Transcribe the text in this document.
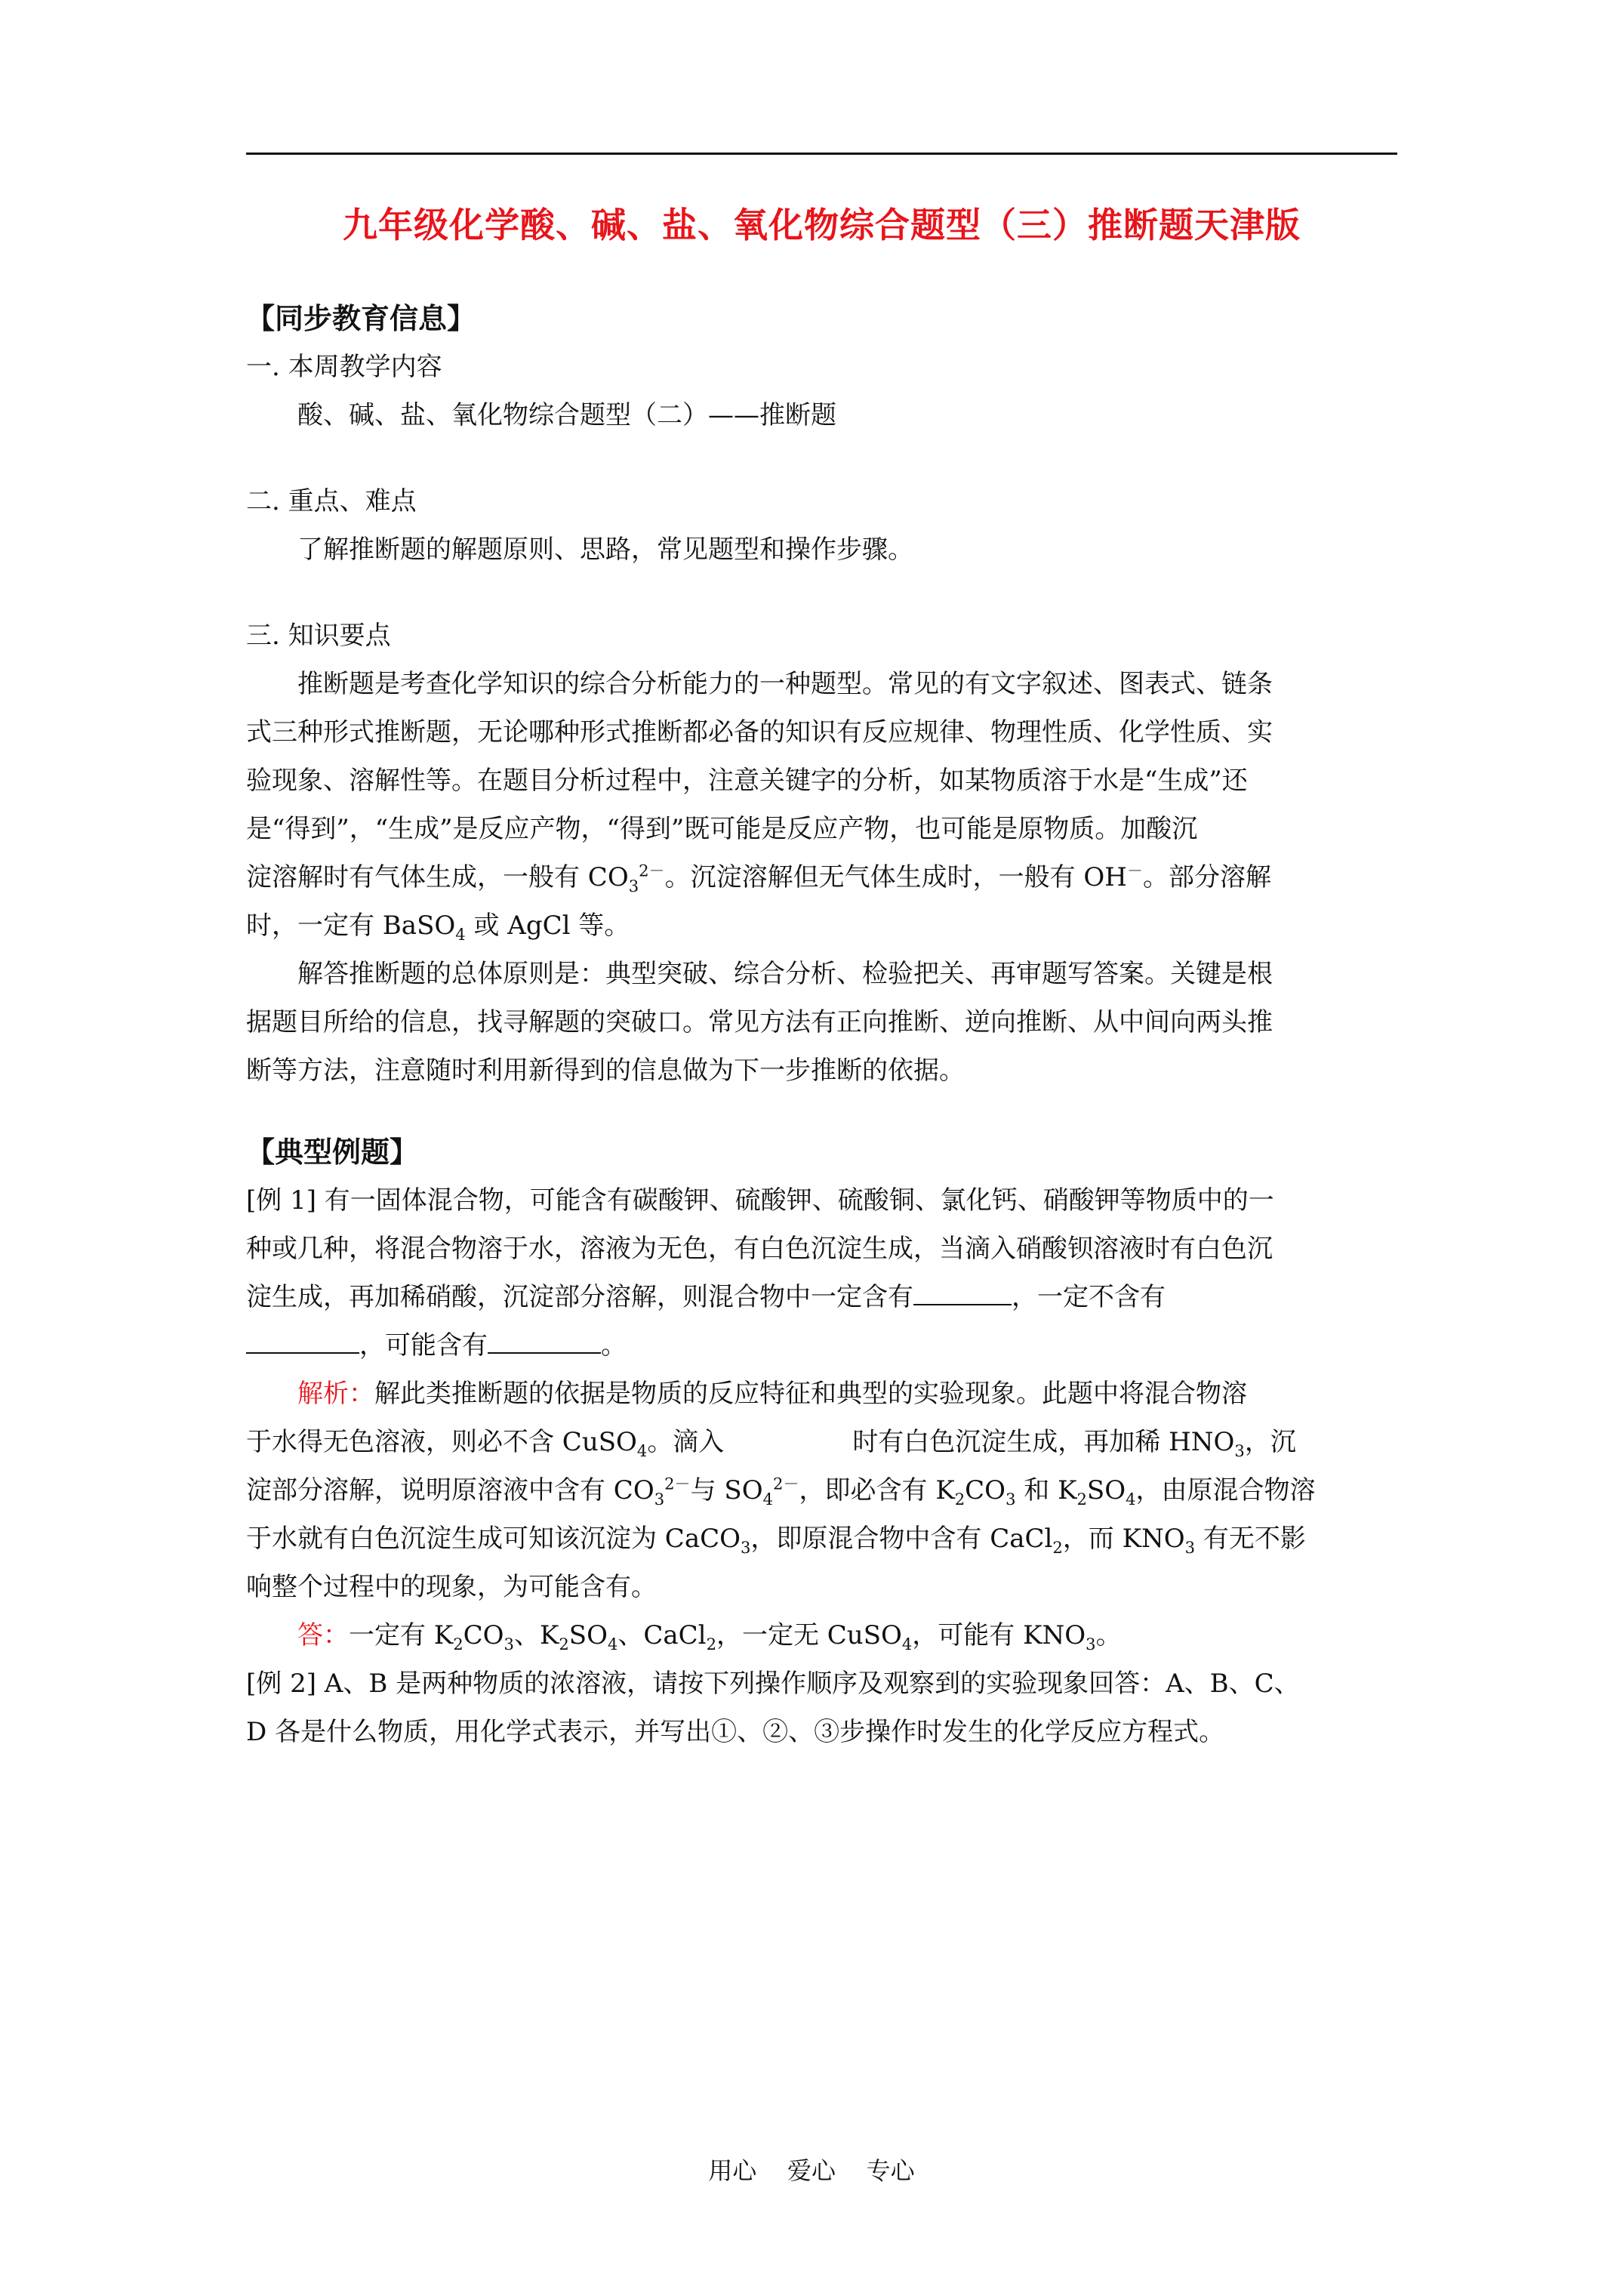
九年级化学酸、碱、盐、氧化物综合题型（三）推断题天津版

【同步教育信息】

一. 本周教学内容

酸、碱、盐、氧化物综合题型（二）——推断题

二. 重点、难点

了解推断题的解题原则、思路，常见题型和操作步骤。

三. 知识要点

推断题是考查化学知识的综合分析能力的一种题型。常见的有文字叙述、图表式、链条

式三种形式推断题，无论哪种形式推断都必备的知识有反应规律、物理性质、化学性质、实

验现象、溶解性等。在题目分析过程中，注意关键字的分析，如某物质溶于水是“生成”还

是“得到”，“生成”是反应产物，“得到”既可能是反应产物，也可能是原物质。加酸沉

淀溶解时有气体生成，一般有 $CO_3^{2-}$。沉淀溶解但无气体生成时，一般有 OH－。部分溶解

时，一定有 BaSO$_4$ 或 AgCl 等。

解答推断题的总体原则是：典型突破、综合分析、检验把关、再审题写答案。关键是根

据题目所给的信息，找寻解题的突破口。常见方法有正向推断、逆向推断、从中间向两头推

断等方法，注意随时利用新得到的信息做为下一步推断的依据。

【典型例题】

[例 1] 有一固体混合物，可能含有碳酸钾、硫酸钾、硫酸铜、氯化钙、硝酸钾等物质中的一

种或几种，将混合物溶于水，溶液为无色，有白色沉淀生成，当滴入硝酸钡溶液时有白色沉

淀生成，再加稀硝酸，沉淀部分溶解，则混合物中一定含有	，一定不含有

，可能含有	。

解析：解此类推断题的依据是物质的反应特征和典型的实验现象。此题中将混合物溶

于水得无色溶液，则必不含 CuSO$_4$。滴入	时有白色沉淀生成，再加稀 $HNO_3$，沉

淀部分溶解，说明原溶液中含有 $CO_3^{2-}$与 $SO_4^{2-}$，即必含有 $K_2CO_3$ 和 $K_2SO_4$，由原混合物溶

于水就有白色沉淀生成可知该沉淀为 CaCO$_3$，即原混合物中含有 CaCl$_2$，而 $KNO_3$ 有无不影

响整个过程中的现象，为可能含有。

答：一定有 $K_2CO_3$、$K_2SO_4$、CaCl$_2$，一定无 CuSO$_4$，可能有 $KNO_3$。

[例 2] A、B 是两种物质的浓溶液，请按下列操作顺序及观察到的实验现象回答：A、B、C、

D 各是什么物质，用化学式表示，并写出①、②、③步操作时发生的化学反应方程式。

用心    爱心    专心
